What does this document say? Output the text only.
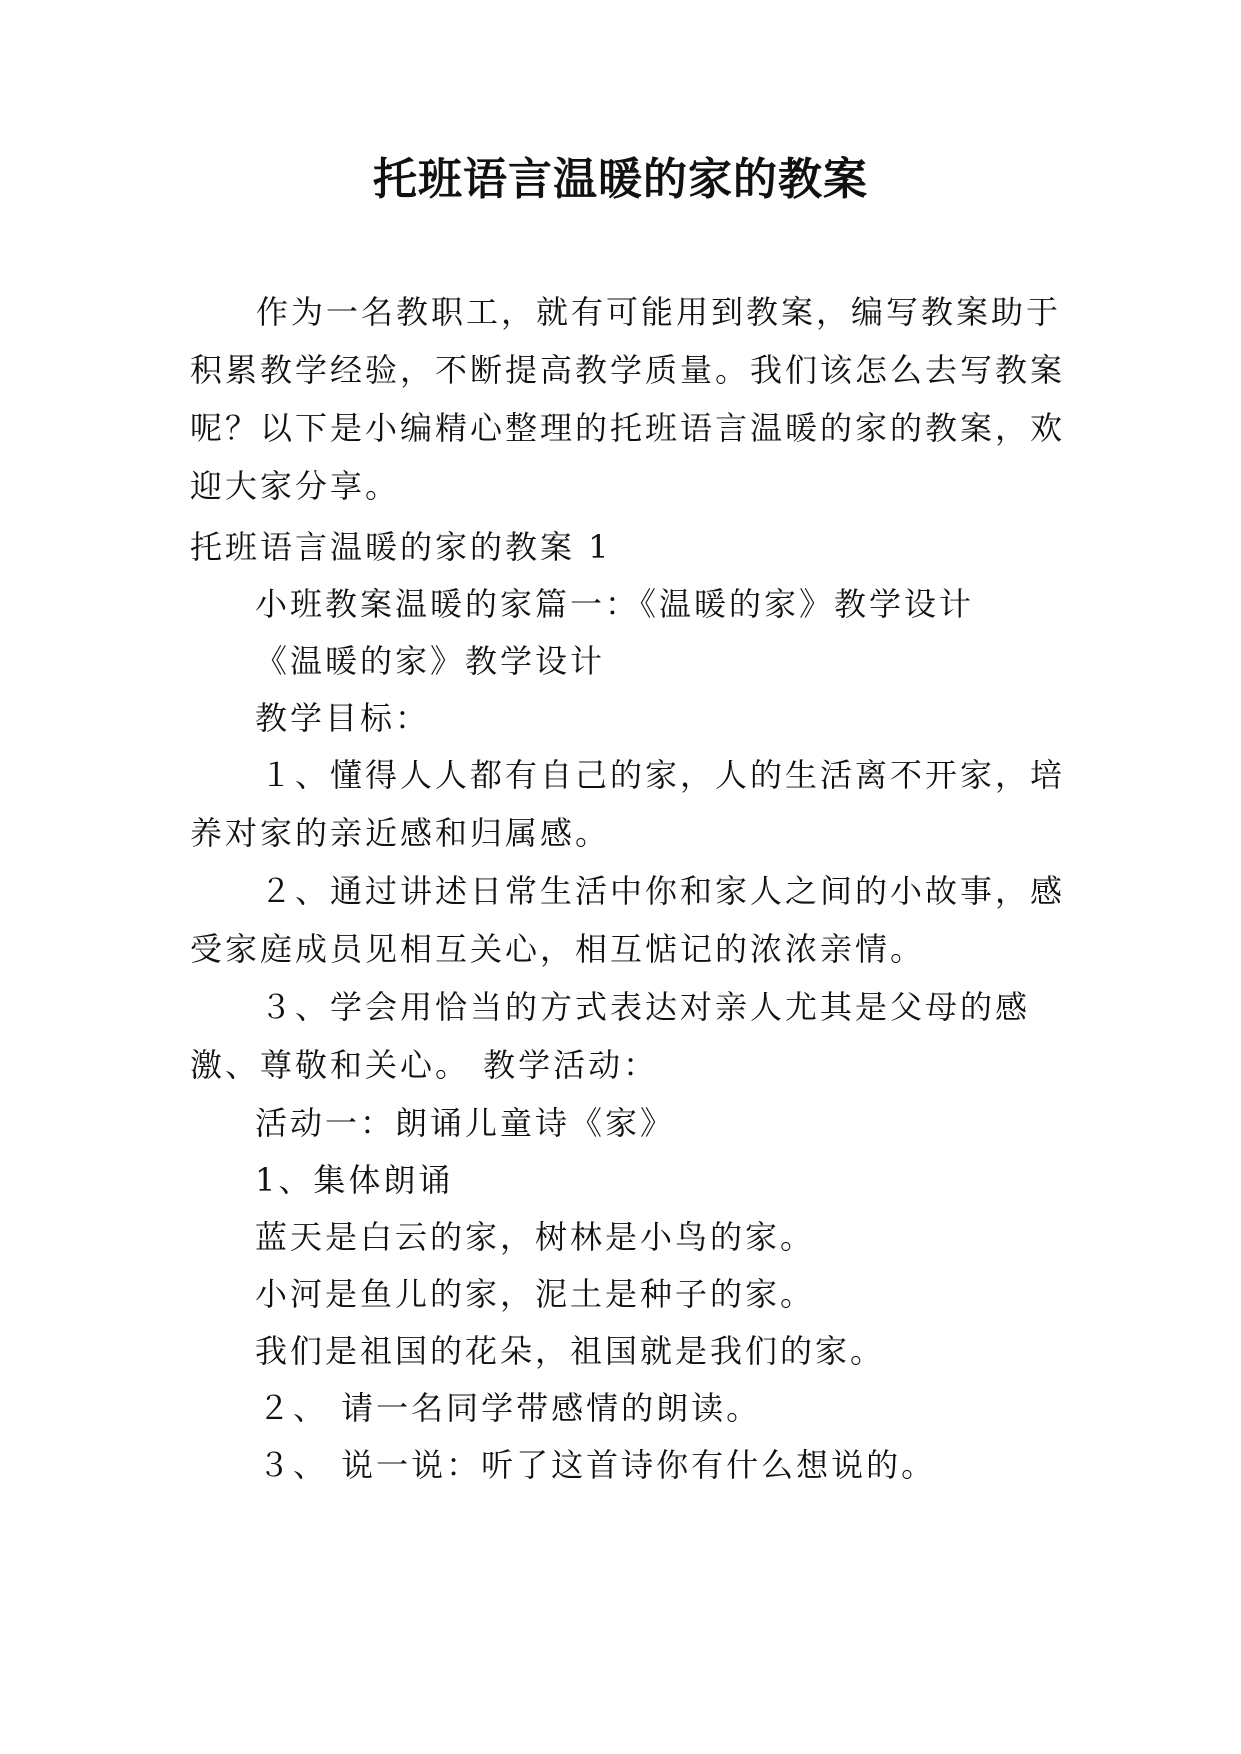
托班语言温暖的家的教案

作为一名教职工，就有可能用到教案，编写教案助于积累教学经验，不断提高教学质量。我们该怎么去写教案呢？以下是小编精心整理的托班语言温暖的家的教案，欢迎大家分享。

托班语言温暖的家的教案 1
小班教案温暖的家篇一：《温暖的家》教学设计
《温暖的家》教学设计
教学目标：

１、懂得人人都有自己的家，人的生活离不开家，培养对家的亲近感和归属感。

２、通过讲述日常生活中你和家人之间的小故事，感受家庭成员见相互关心，相互惦记的浓浓亲情。

３、学会用恰当的方式表达对亲人尤其是父母的感激、尊敬和关心。 教学活动：

活动一：朗诵儿童诗《家》
1、集体朗诵
蓝天是白云的家，树林是小鸟的家。
小河是鱼儿的家，泥土是种子的家。
我们是祖国的花朵，祖国就是我们的家。
２、 请一名同学带感情的朗读。
３、 说一说：听了这首诗你有什么想说的。
